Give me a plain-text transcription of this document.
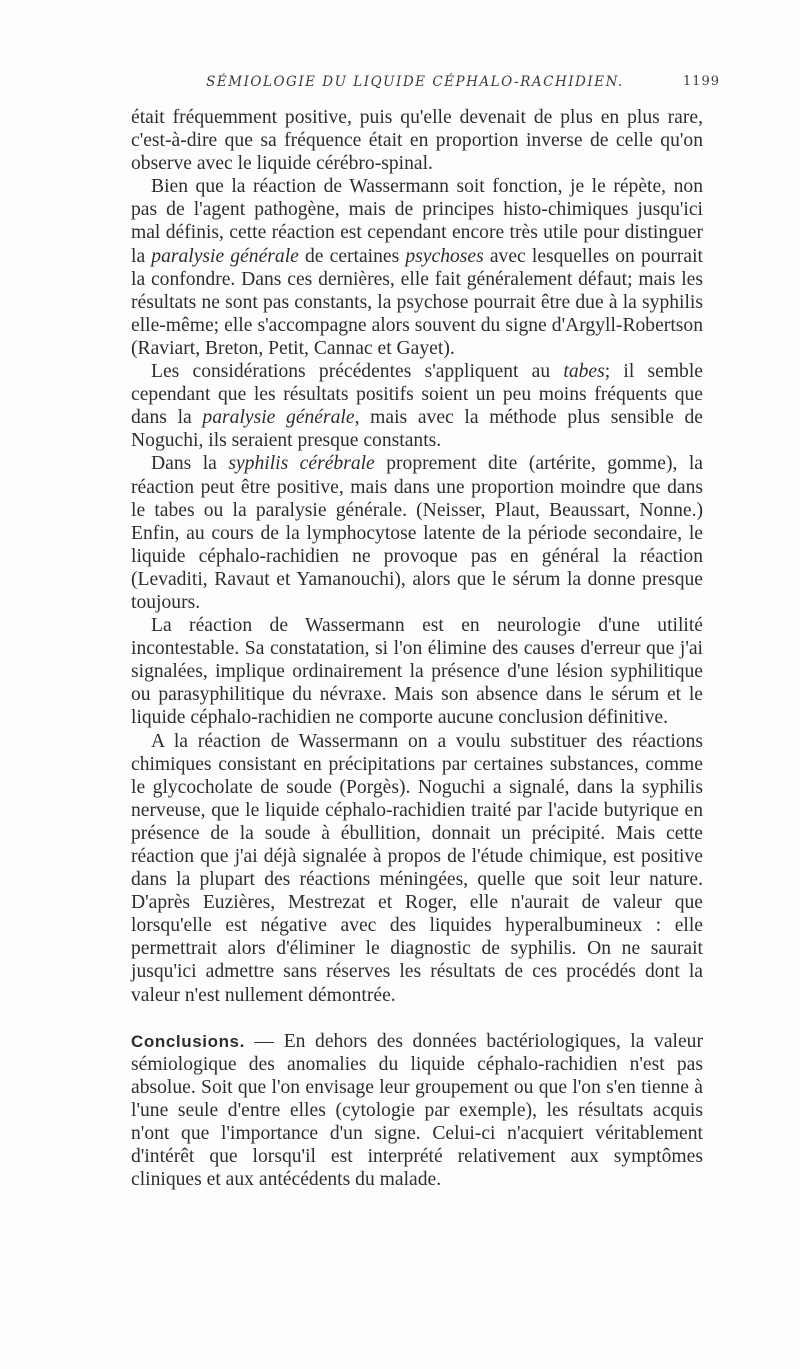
SÉMIOLOGIE DU LIQUIDE CÉPHALO-RACHIDIEN.	1199

était fréquemment positive, puis qu'elle devenait de plus en plus rare, c'est-à-dire que sa fréquence était en proportion inverse de celle qu'on observe avec le liquide cérébro-spinal.

Bien que la réaction de Wassermann soit fonction, je le répète, non pas de l'agent pathogène, mais de principes histo-chimiques jusqu'ici mal définis, cette réaction est cependant encore très utile pour distinguer la paralysie générale de certaines psychoses avec lesquelles on pourrait la confondre. Dans ces dernières, elle fait généralement défaut; mais les résultats ne sont pas constants, la psychose pourrait être due à la syphilis elle-même; elle s'accompagne alors souvent du signe d'Argyll-Robertson (Raviart, Breton, Petit, Cannac et Gayet).

Les considérations précédentes s'appliquent au tabes; il semble cependant que les résultats positifs soient un peu moins fréquents que dans la paralysie générale, mais avec la méthode plus sensible de Noguchi, ils seraient presque constants.

Dans la syphilis cérébrale proprement dite (artérite, gomme), la réaction peut être positive, mais dans une proportion moindre que dans le tabes ou la paralysie générale. (Neisser, Plaut, Beaussart, Nonne.) Enfin, au cours de la lymphocytose latente de la période secondaire, le liquide céphalo-rachidien ne provoque pas en général la réaction (Levaditi, Ravaut et Yamanouchi), alors que le sérum la donne presque toujours.

La réaction de Wassermann est en neurologie d'une utilité incontestable. Sa constatation, si l'on élimine des causes d'erreur que j'ai signalées, implique ordinairement la présence d'une lésion syphilitique ou parasyphilitique du névraxe. Mais son absence dans le sérum et le liquide céphalo-rachidien ne comporte aucune conclusion définitive.

A la réaction de Wassermann on a voulu substituer des réactions chimiques consistant en précipitations par certaines substances, comme le glycocholate de soude (Porgès). Noguchi a signalé, dans la syphilis nerveuse, que le liquide céphalo-rachidien traité par l'acide butyrique en présence de la soude à ébullition, donnait un précipité. Mais cette réaction que j'ai déjà signalée à propos de l'étude chimique, est positive dans la plupart des réactions méningées, quelle que soit leur nature. D'après Euzières, Mestrezat et Roger, elle n'aurait de valeur que lorsqu'elle est négative avec des liquides hyperalbumineux : elle permettrait alors d'éliminer le diagnostic de syphilis. On ne saurait jusqu'ici admettre sans réserves les résultats de ces procédés dont la valeur n'est nullement démontrée.

Conclusions. — En dehors des données bactériologiques, la valeur sémiologique des anomalies du liquide céphalo-rachidien n'est pas absolue. Soit que l'on envisage leur groupement ou que l'on s'en tienne à l'une seule d'entre elles (cytologie par exemple), les résultats acquis n'ont que l'importance d'un signe. Celui-ci n'acquiert véritablement d'intérêt que lorsqu'il est interprété relativement aux symptômes cliniques et aux antécédents du malade.
